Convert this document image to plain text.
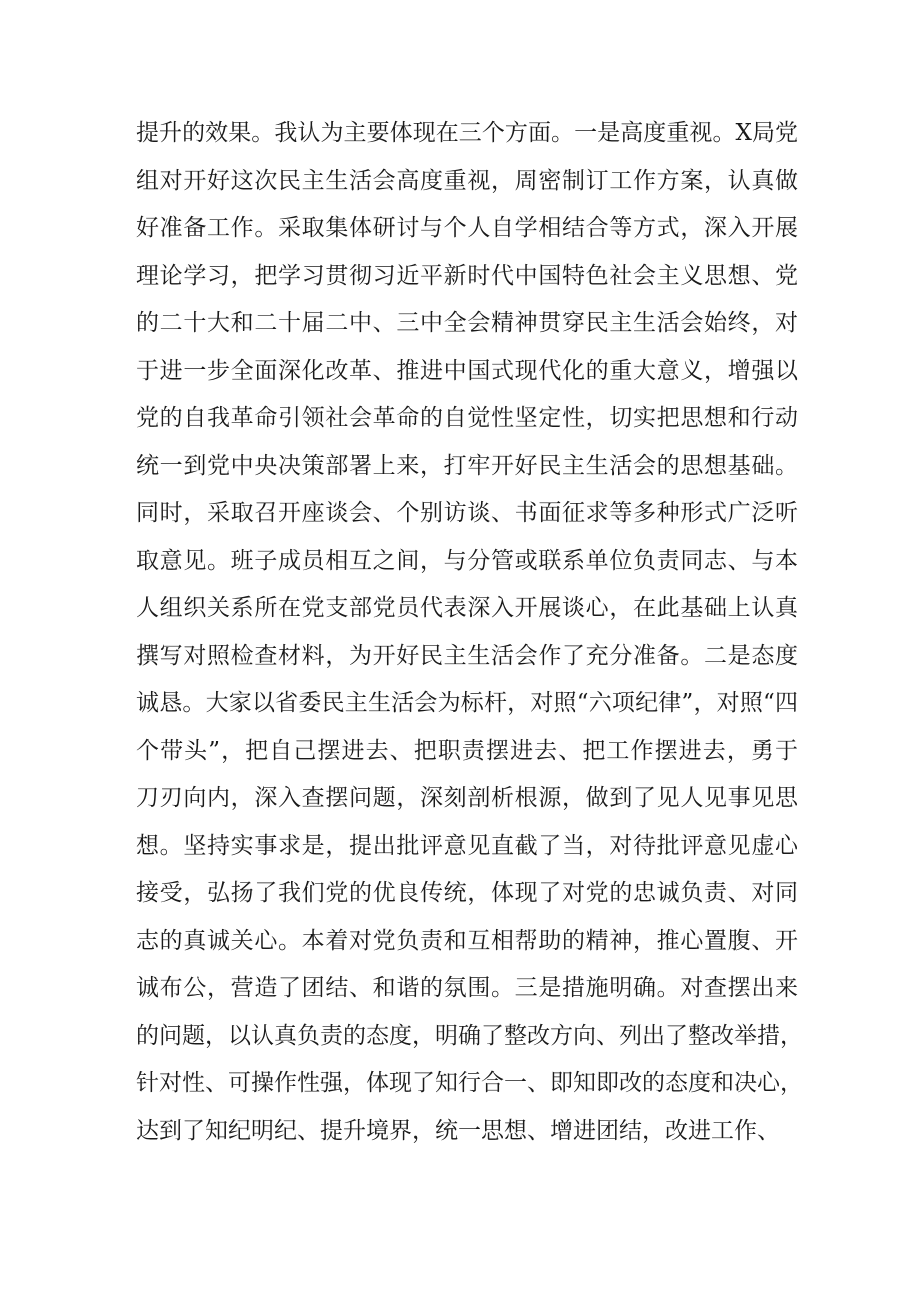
提升的效果。我认为主要体现在三个方面。一是高度重视。X局党
组对开好这次民主生活会高度重视，周密制订工作方案，认真做
好准备工作。采取集体研讨与个人自学相结合等方式，深入开展
理论学习，把学习贯彻习近平新时代中国特色社会主义思想、党
的二十大和二十届二中、三中全会精神贯穿民主生活会始终，对
于进一步全面深化改革、推进中国式现代化的重大意义，增强以
党的自我革命引领社会革命的自觉性坚定性，切实把思想和行动
统一到党中央决策部署上来，打牢开好民主生活会的思想基础。
同时，采取召开座谈会、个别访谈、书面征求等多种形式广泛听
取意见。班子成员相互之间，与分管或联系单位负责同志、与本
人组织关系所在党支部党员代表深入开展谈心，在此基础上认真
撰写对照检查材料，为开好民主生活会作了充分准备。二是态度
诚恳。大家以省委民主生活会为标杆，对照“六项纪律”，对照“四
个带头”，把自己摆进去、把职责摆进去、把工作摆进去，勇于
刀刃向内，深入查摆问题，深刻剖析根源，做到了见人见事见思
想。坚持实事求是，提出批评意见直截了当，对待批评意见虚心
接受，弘扬了我们党的优良传统，体现了对党的忠诚负责、对同
志的真诚关心。本着对党负责和互相帮助的精神，推心置腹、开
诚布公，营造了团结、和谐的氛围。三是措施明确。对查摆出来
的问题，以认真负责的态度，明确了整改方向、列出了整改举措，
针对性、可操作性强，体现了知行合一、即知即改的态度和决心，
达到了知纪明纪、提升境界，统一思想、增进团结，改进工作、
